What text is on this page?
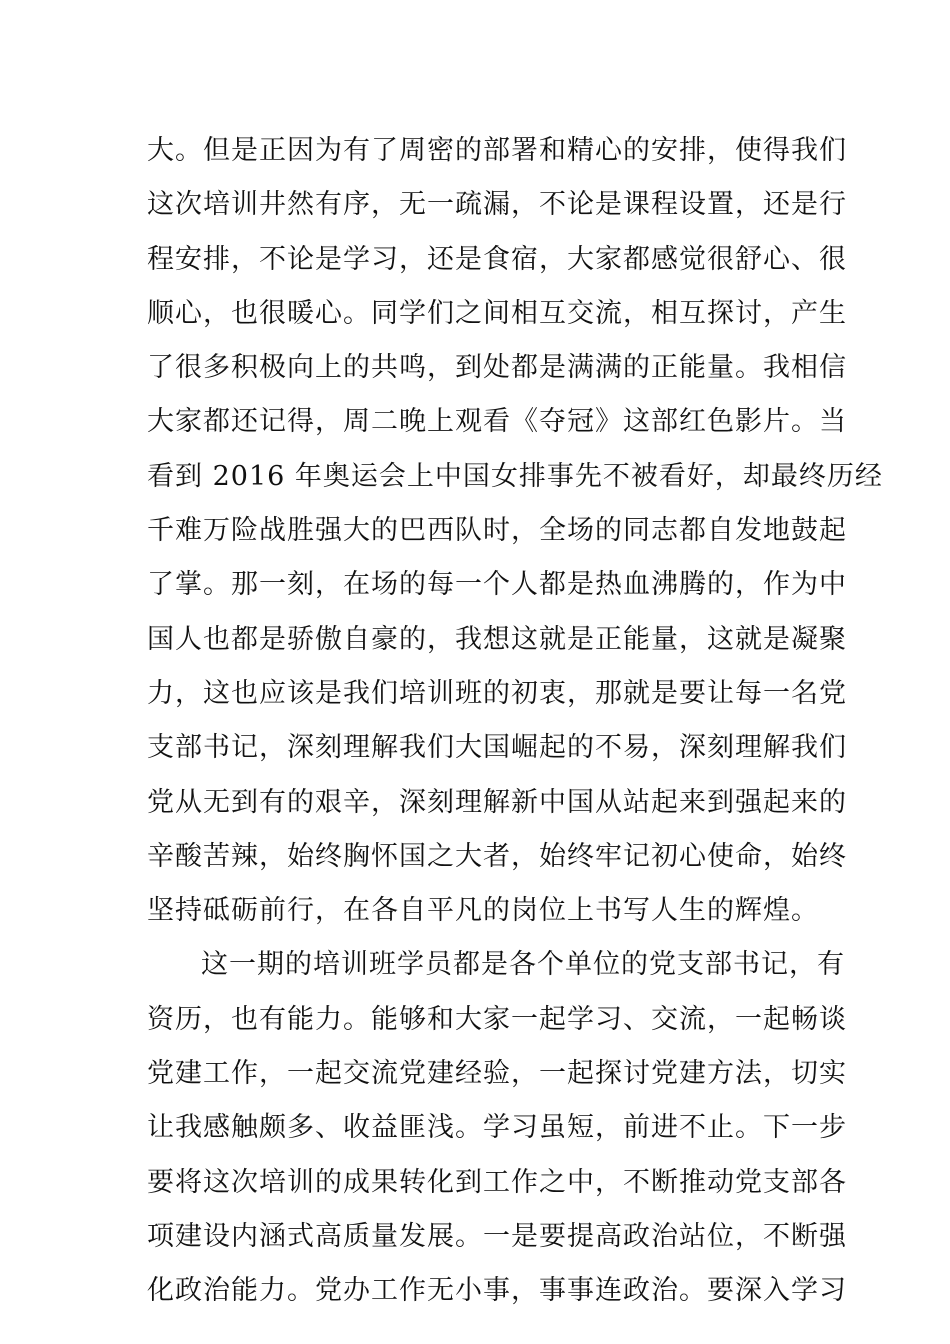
大。但是正因为有了周密的部署和精心的安排，使得我们
这次培训井然有序，无一疏漏，不论是课程设置，还是行
程安排，不论是学习，还是食宿，大家都感觉很舒心、很
顺心，也很暖心。同学们之间相互交流，相互探讨，产生
了很多积极向上的共鸣，到处都是满满的正能量。我相信
大家都还记得，周二晚上观看《夺冠》这部红色影片。当
看到 2016 年奥运会上中国女排事先不被看好，却最终历经
千难万险战胜强大的巴西队时，全场的同志都自发地鼓起
了掌。那一刻，在场的每一个人都是热血沸腾的，作为中
国人也都是骄傲自豪的，我想这就是正能量，这就是凝聚
力，这也应该是我们培训班的初衷，那就是要让每一名党
支部书记，深刻理解我们大国崛起的不易，深刻理解我们
党从无到有的艰辛，深刻理解新中国从站起来到强起来的
辛酸苦辣，始终胸怀国之大者，始终牢记初心使命，始终
坚持砥砺前行，在各自平凡的岗位上书写人生的辉煌。
这一期的培训班学员都是各个单位的党支部书记，有
资历，也有能力。能够和大家一起学习、交流，一起畅谈
党建工作，一起交流党建经验，一起探讨党建方法，切实
让我感触颇多、收益匪浅。学习虽短，前进不止。下一步
要将这次培训的成果转化到工作之中，不断推动党支部各
项建设内涵式高质量发展。一是要提高政治站位，不断强
化政治能力。党办工作无小事，事事连政治。要深入学习
